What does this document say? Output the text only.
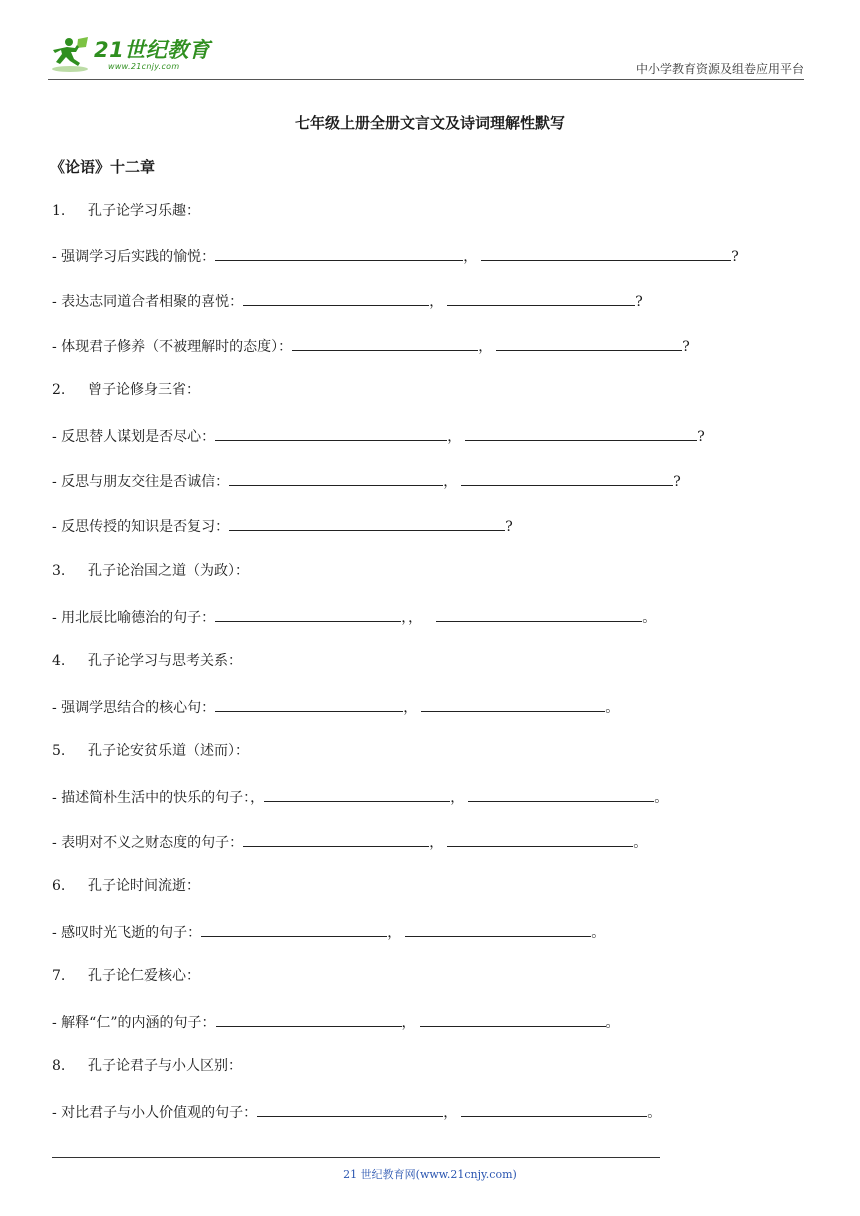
21世纪教育
www.21cnjy.com	中小学教育资源及组卷应用平台
七年级上册全册文言文及诗词理解性默写
《论语》十二章
1. 孔子论学习乐趣：
- 强调学习后实践的愉悦：	，	?
- 表达志同道合者相聚的喜悦：	，	?
- 体现君子修养（不被理解时的态度）：	，	?
2. 曾子论修身三省：
- 反思替人谋划是否尽心：	，	?
- 反思与朋友交往是否诚信：	，	?
- 反思传授的知识是否复习：	?
3. 孔子论治国之道（为政）：
- 用北辰比喻德治的句子：	，，	。
4. 孔子论学习与思考关系：
- 强调学思结合的核心句：	，	。
5. 孔子论安贫乐道（述而）：
- 描述简朴生活中的快乐的句子：，	，	。
- 表明对不义之财态度的句子：	，	。
6. 孔子论时间流逝：
- 感叹时光飞逝的句子：	，	。
7. 孔子论仁爱核心：
- 解释“仁”的内涵的句子：	，	。
8. 孔子论君子与小人区别：
- 对比君子与小人价值观的句子：	，	。
21 世纪教育网(www.21cnjy.com)
